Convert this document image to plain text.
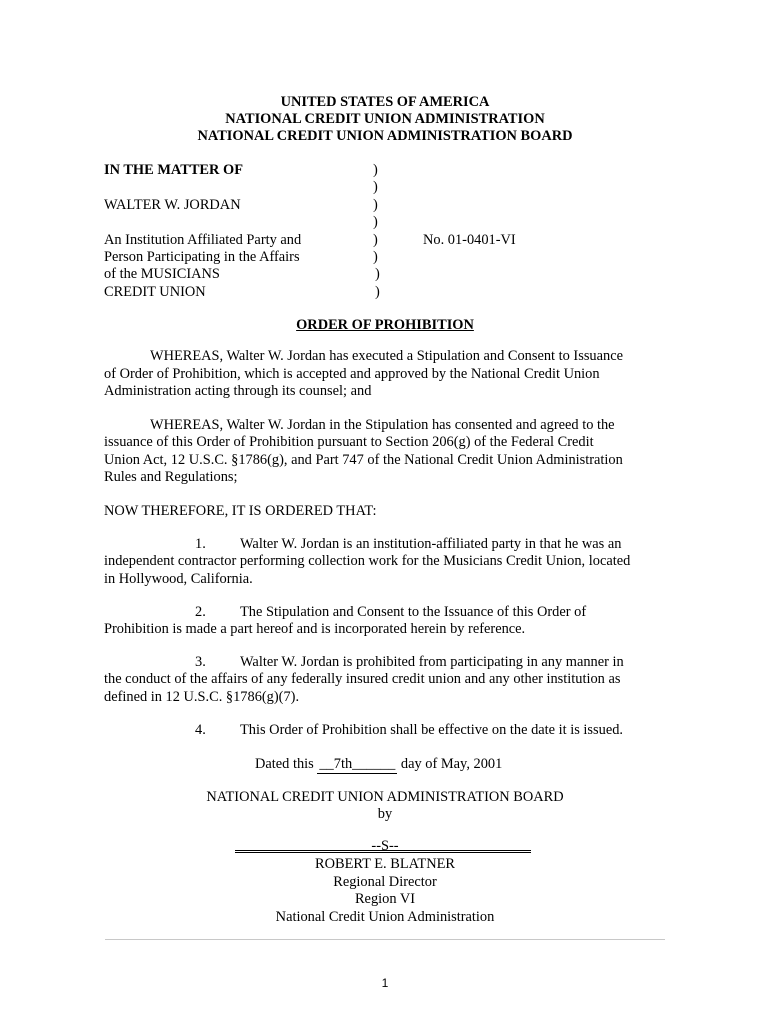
UNITED STATES OF AMERICA
NATIONAL CREDIT UNION ADMINISTRATION
NATIONAL CREDIT UNION ADMINISTRATION BOARD
IN THE MATTER OF
WALTER W. JORDAN
An Institution Affiliated Party and
Person Participating in the Affairs
of the MUSICIANS
CREDIT UNION
)
)
)
)
)
)
)
)
No. 01-0401-VI
ORDER OF PROHIBITION
WHEREAS, Walter W. Jordan has executed a Stipulation and Consent to Issuance
of Order of Prohibition, which is accepted and approved by the National Credit Union
Administration acting through its counsel; and
WHEREAS, Walter W. Jordan in the Stipulation has consented and agreed to the
issuance of this Order of Prohibition pursuant to Section 206(g) of the Federal Credit
Union Act, 12 U.S.C. §1786(g), and Part 747 of the National Credit Union Administration
Rules and Regulations;
NOW THEREFORE, IT IS ORDERED THAT:
1. Walter W. Jordan is an institution-affiliated party in that he was an
independent contractor performing collection work for the Musicians Credit Union, located
in Hollywood, California.
2. The Stipulation and Consent to the Issuance of this Order of
Prohibition is made a part hereof and is incorporated herein by reference.
3. Walter W. Jordan is prohibited from participating in any manner in
the conduct of the affairs of any federally insured credit union and any other institution as
defined in 12 U.S.C. §1786(g)(7).
4. This Order of Prohibition shall be effective on the date it is issued.
Dated this __7th______ day of May, 2001
NATIONAL CREDIT UNION ADMINISTRATION BOARD
by
--S--
ROBERT E. BLATNER
Regional Director
Region VI
National Credit Union Administration
1
